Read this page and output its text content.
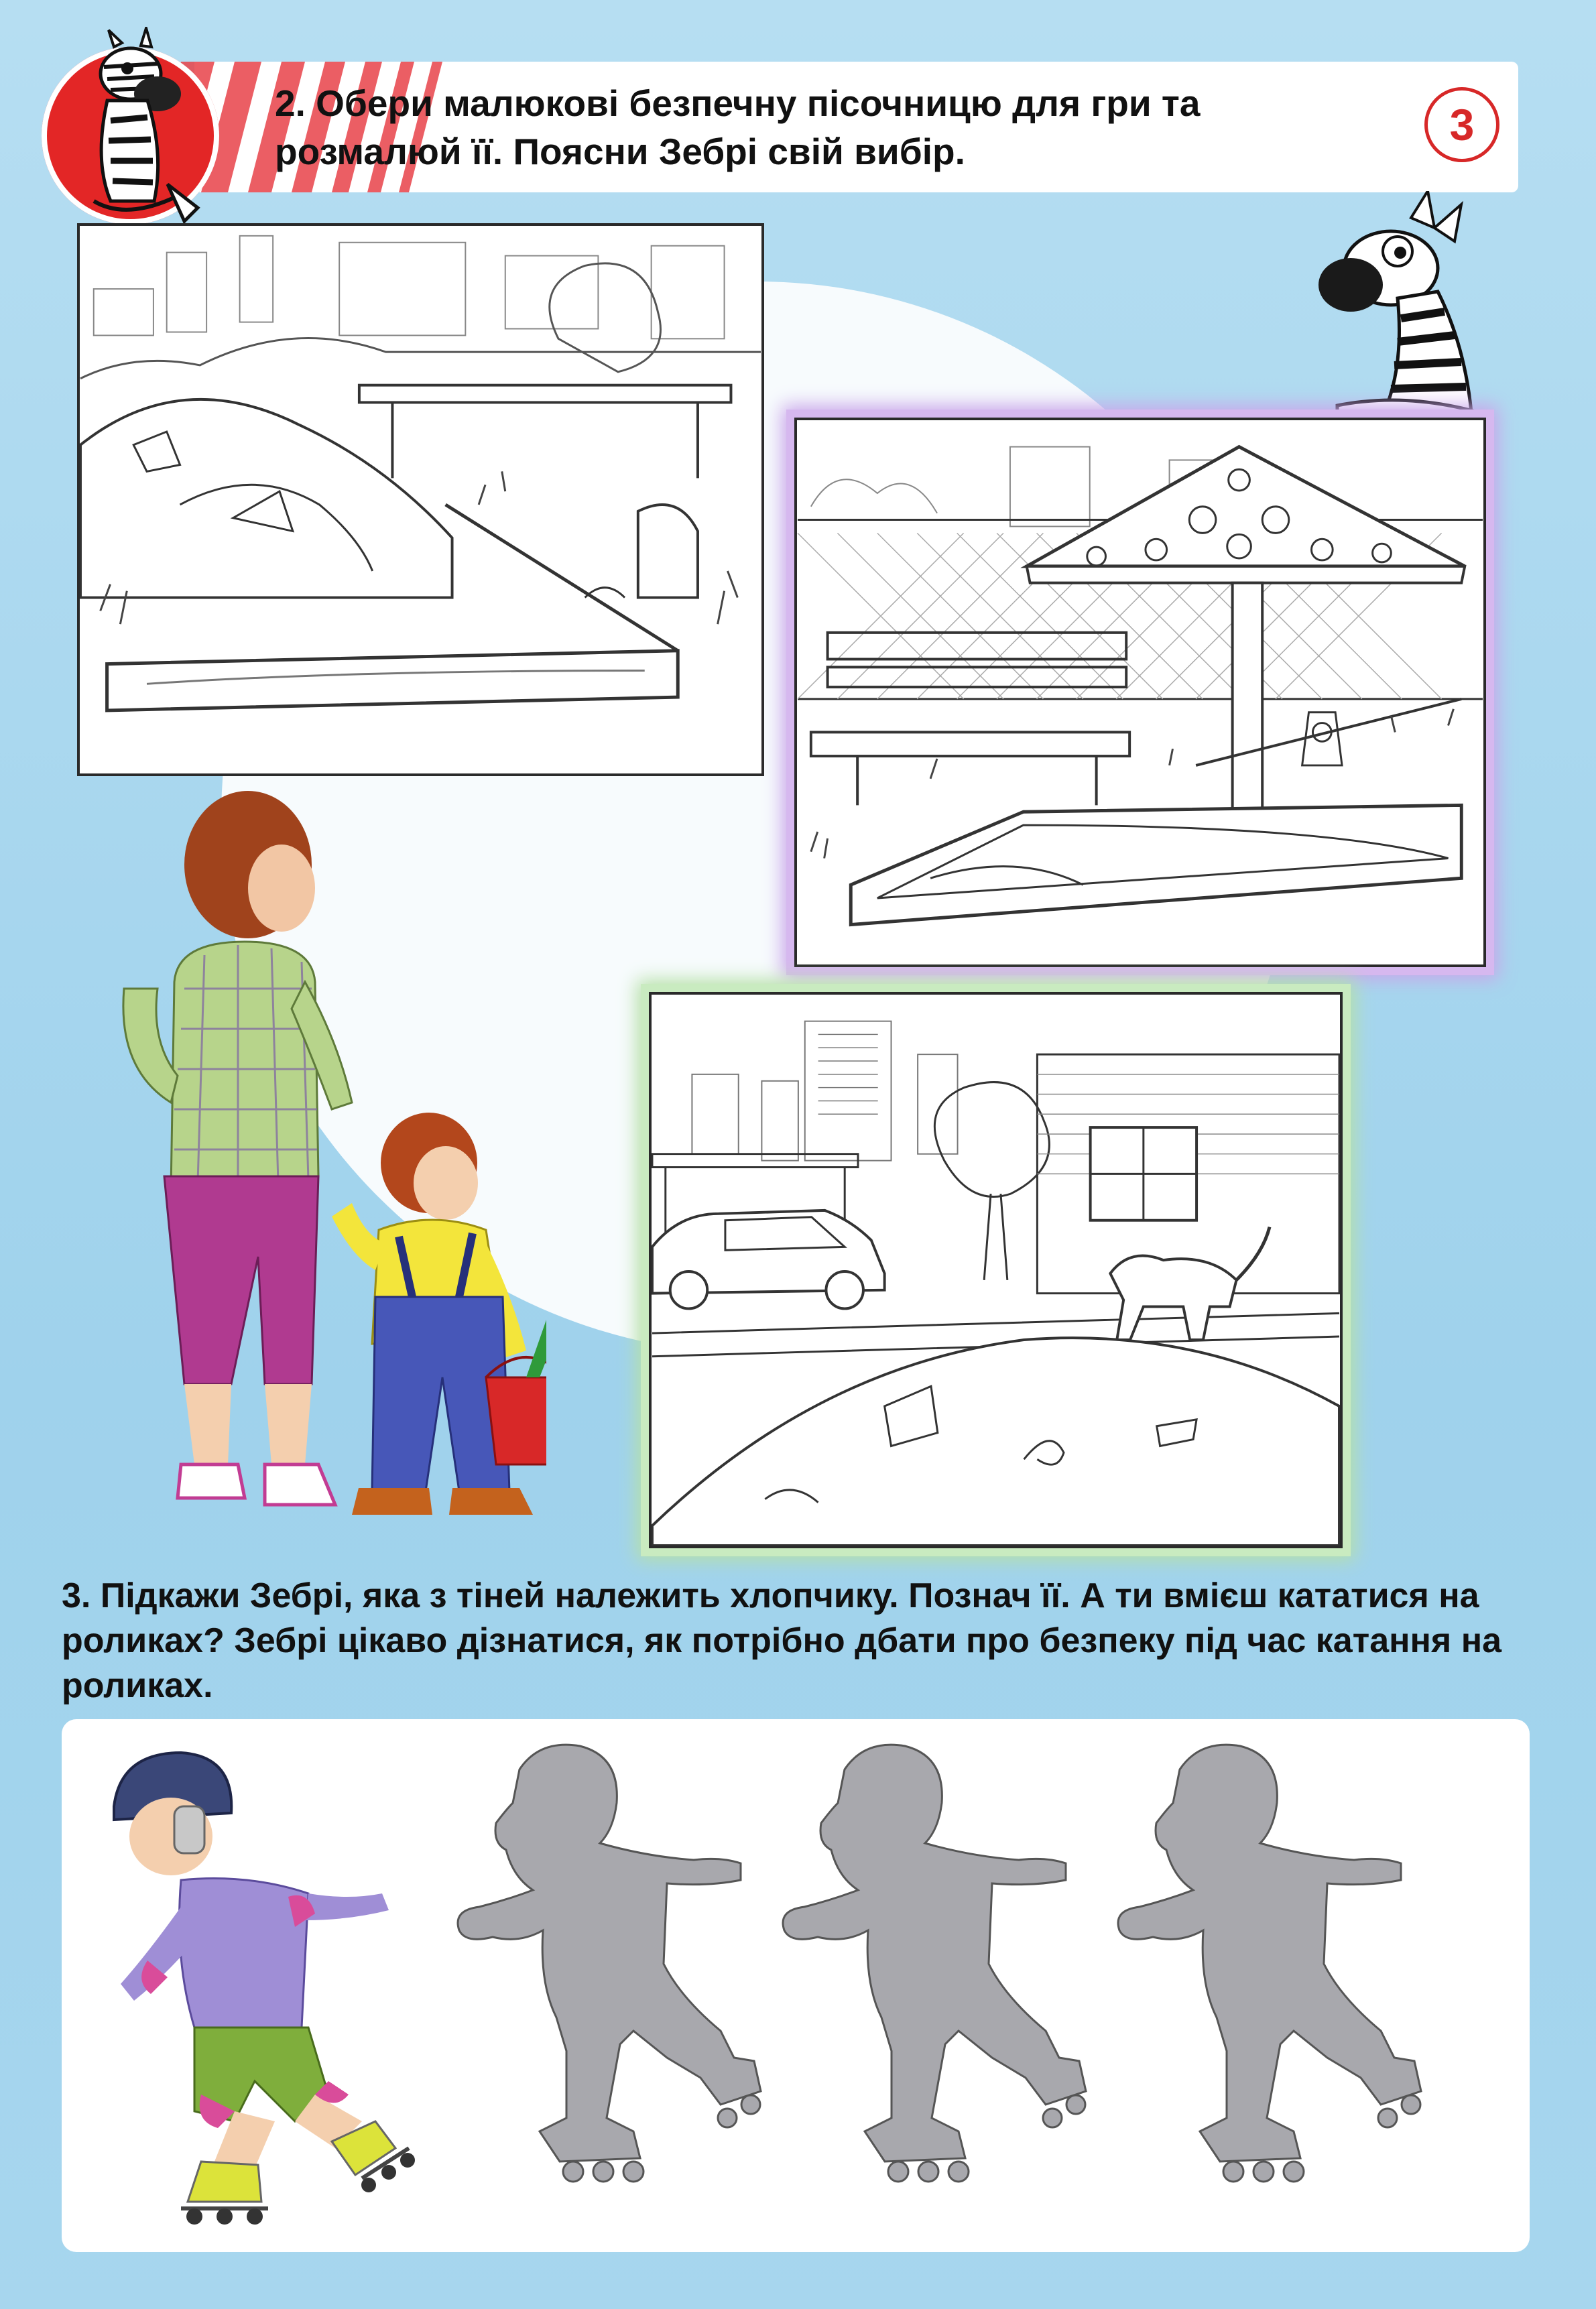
2. Обери малюкові безпечну пісочницю для гри та розмалюй її. Поясни Зебрі свій вибір.
3
3. Підкажи Зебрі, яка з тіней належить хлопчику. Познач її. А ти вмієш кататися на роликах? Зебрі цікаво дізнатися, як потрібно дбати про безпеку під час катання на роликах.
